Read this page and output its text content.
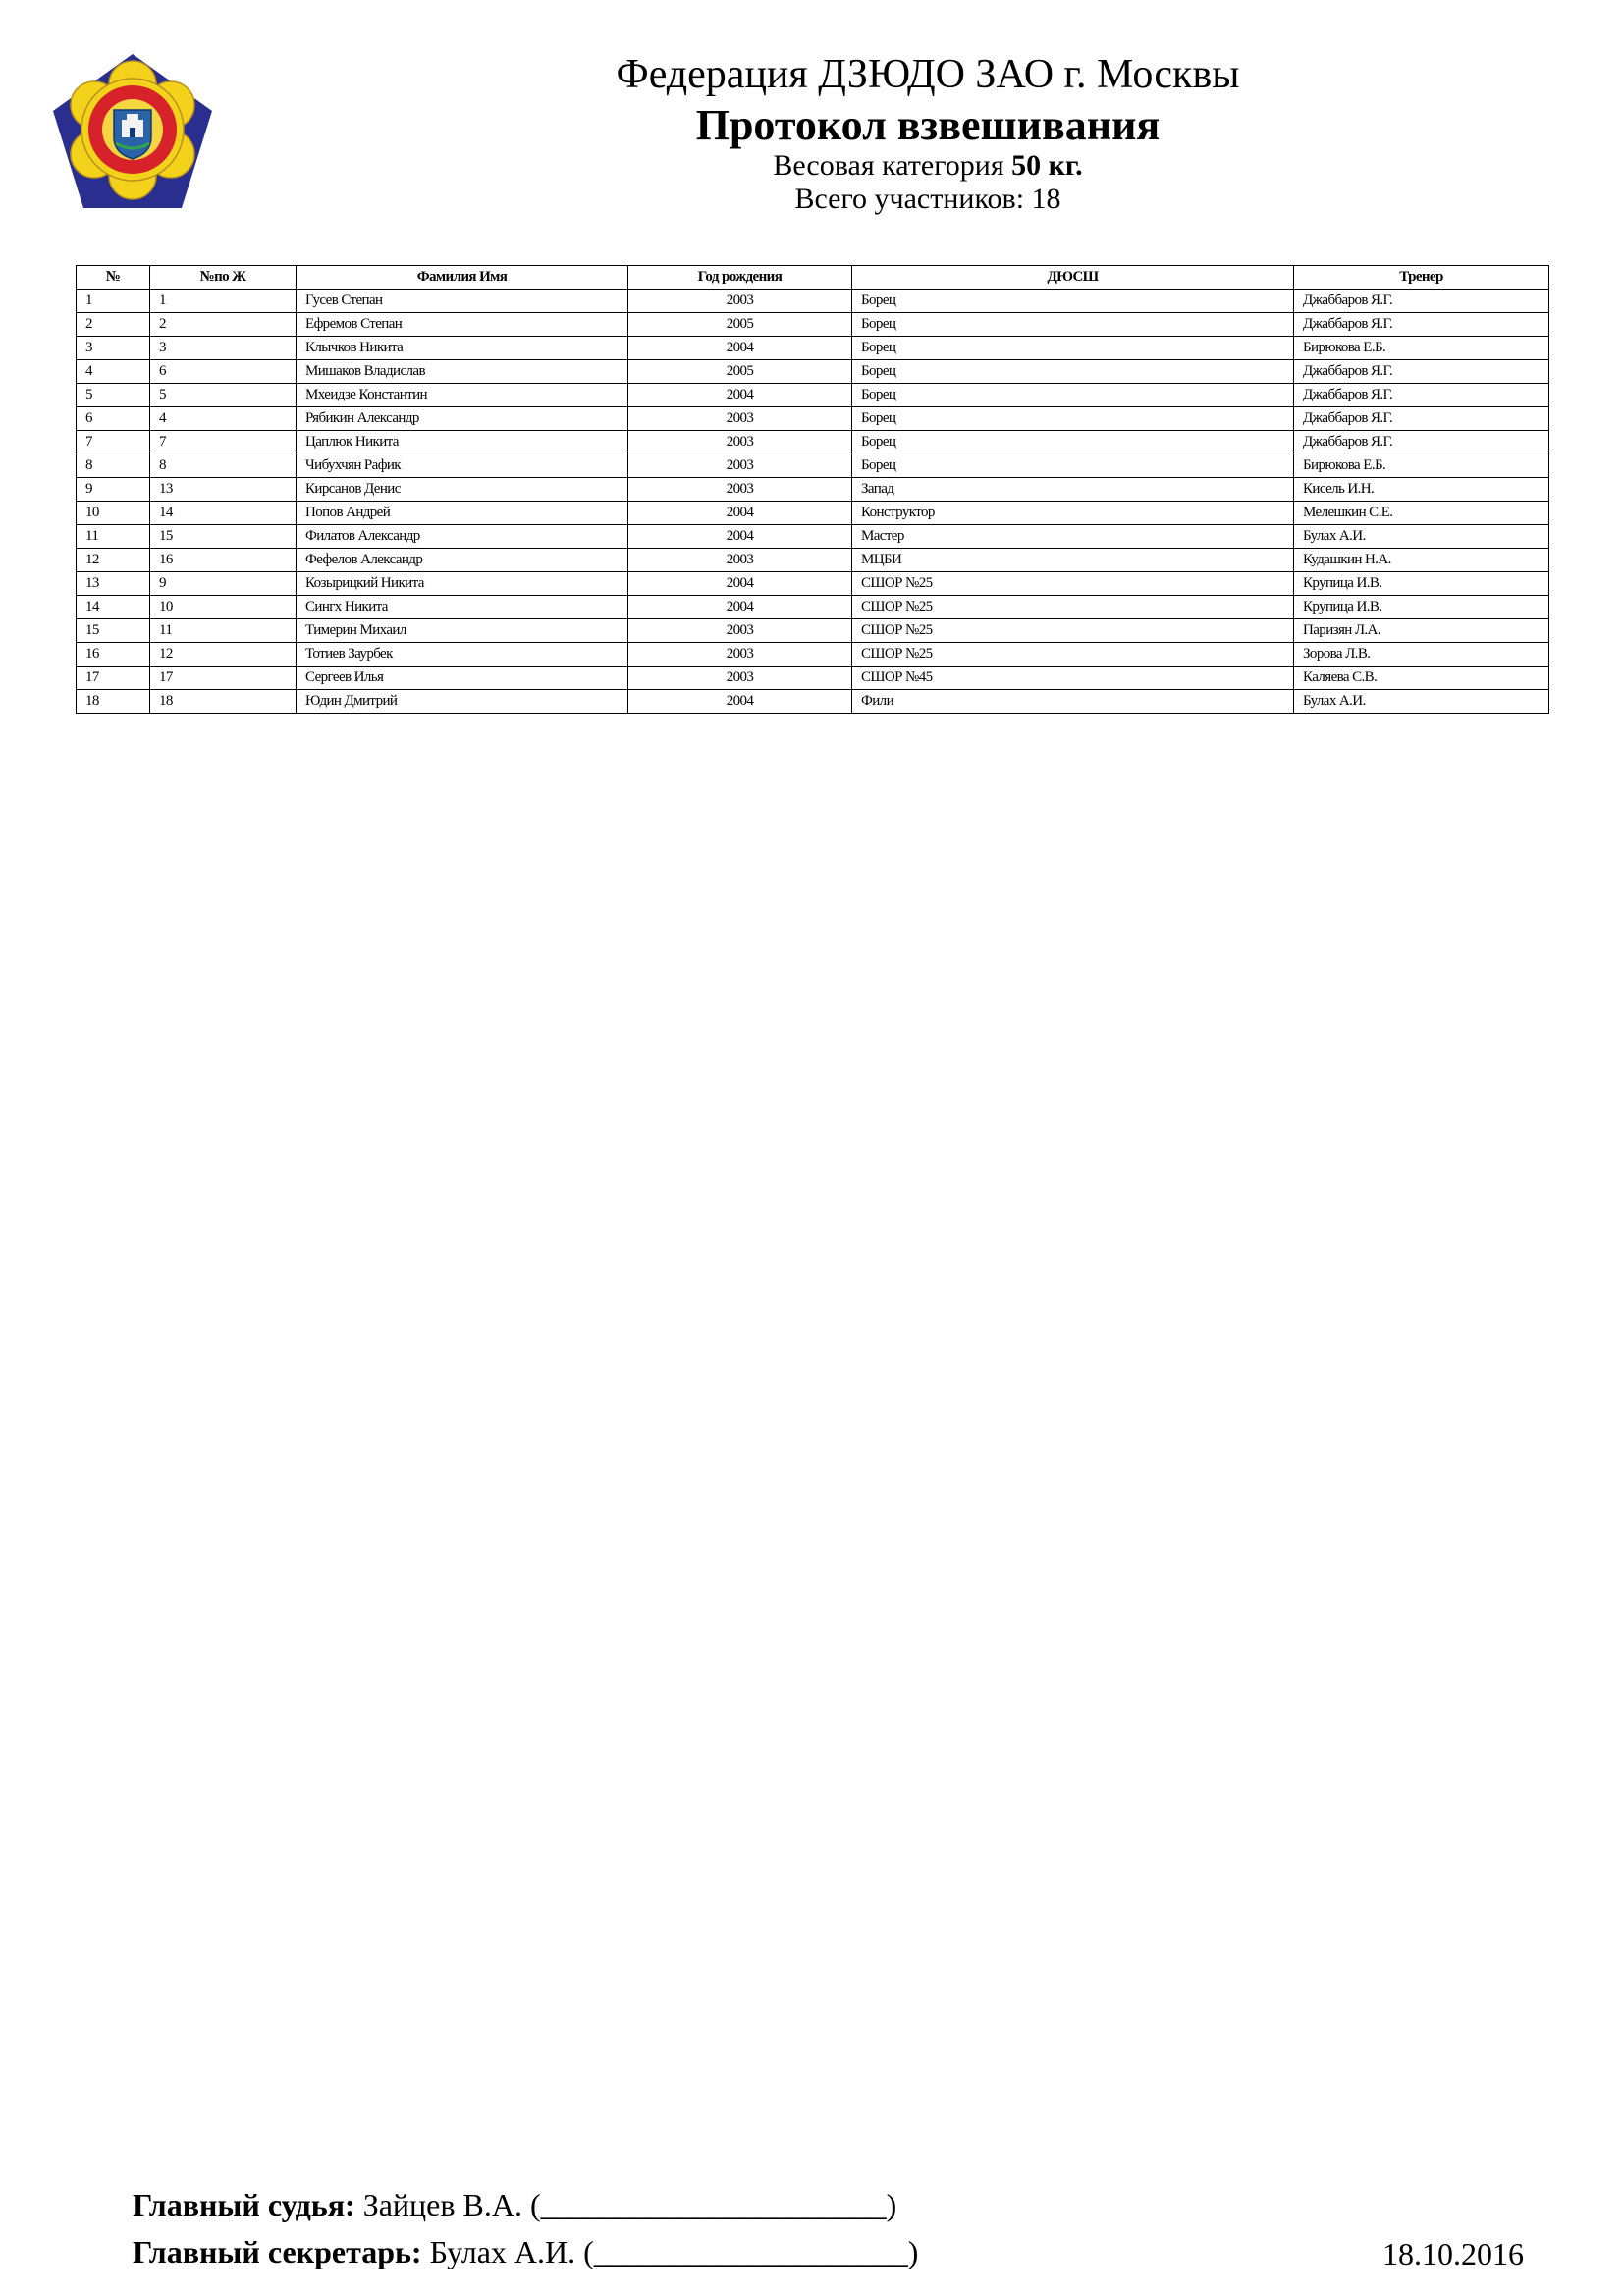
Федерация ДЗЮДО ЗАО г. Москвы
Протокол взвешивания
Весовая категория 50 кг.
Всего участников: 18
№	№по Ж	Фамилия Имя	Год рождения	ДЮСШ	Тренер
1	1	Гусев Степан	2003	Борец	Джаббаров Я.Г.
2	2	Ефремов Степан	2005	Борец	Джаббаров Я.Г.
3	3	Клычков Никита	2004	Борец	Бирюкова Е.Б.
4	6	Мишаков Владислав	2005	Борец	Джаббаров Я.Г.
5	5	Мхеидзе Константин	2004	Борец	Джаббаров Я.Г.
6	4	Рябикин Александр	2003	Борец	Джаббаров Я.Г.
7	7	Цаплюк Никита	2003	Борец	Джаббаров Я.Г.
8	8	Чибухчян Рафик	2003	Борец	Бирюкова Е.Б.
9	13	Кирсанов Денис	2003	Запад	Кисель И.Н.
10	14	Попов Андрей	2004	Конструктор	Мелешкин С.Е.
11	15	Филатов Александр	2004	Мастер	Булах А.И.
12	16	Фефелов Александр	2003	МЦБИ	Кудашкин Н.А.
13	9	Козырицкий Никита	2004	СШОР №25	Крупица И.В.
14	10	Сингх Никита	2004	СШОР №25	Крупица И.В.
15	11	Тимерин Михаил	2003	СШОР №25	Паризян Л.А.
16	12	Тотиев Заурбек	2003	СШОР №25	Зорова Л.В.
17	17	Сергеев Илья	2003	СШОР №45	Каляева С.В.
18	18	Юдин Дмитрий	2004	Фили	Булах А.И.
Главный судья: Зайцев В.А. (______________________)
Главный секретарь: Булах А.И. (____________________)	18.10.2016
